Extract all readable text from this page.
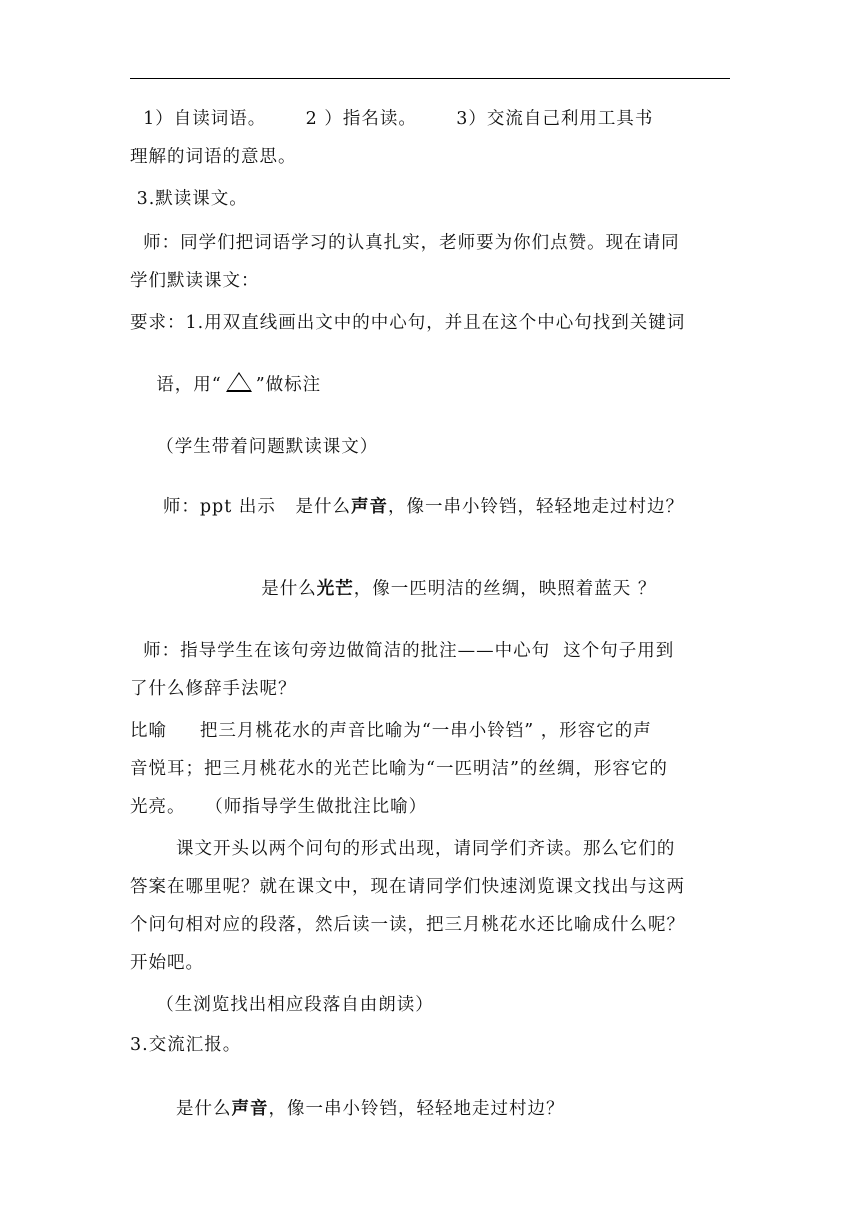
1）自读词语。      2 ）指名读。      3）交流自己利用工具书

理解的词语的意思。

3.默读课文。

师：同学们把词语学习的认真扎实，老师要为你们点赞。现在请同

学们默读课文：

要求：1.用双直线画出文中的中心句，并且在这个中心句找到关键词

语，用“ ”做标注

（学生带着问题默读课文）

师：ppt 出示   是什么声音，像一串小铃铛，轻轻地走过村边？

是什么光芒，像一匹明洁的丝绸，映照着蓝天 ？

师：指导学生在该句旁边做简洁的批注——中心句  这个句子用到

了什么修辞手法呢？

比喻     把三月桃花水的声音比喻为“一串小铃铛” ，形容它的声

音悦耳；把三月桃花水的光芒比喻为“一匹明洁”的丝绸，形容它的

光亮。   （师指导学生做批注比喻）

课文开头以两个问句的形式出现，请同学们齐读。那么它们的

答案在哪里呢？就在课文中，现在请同学们快速浏览课文找出与这两

个问句相对应的段落，然后读一读，把三月桃花水还比喻成什么呢？

开始吧。

（生浏览找出相应段落自由朗读）

3.交流汇报。

是什么声音，像一串小铃铛，轻轻地走过村边？
